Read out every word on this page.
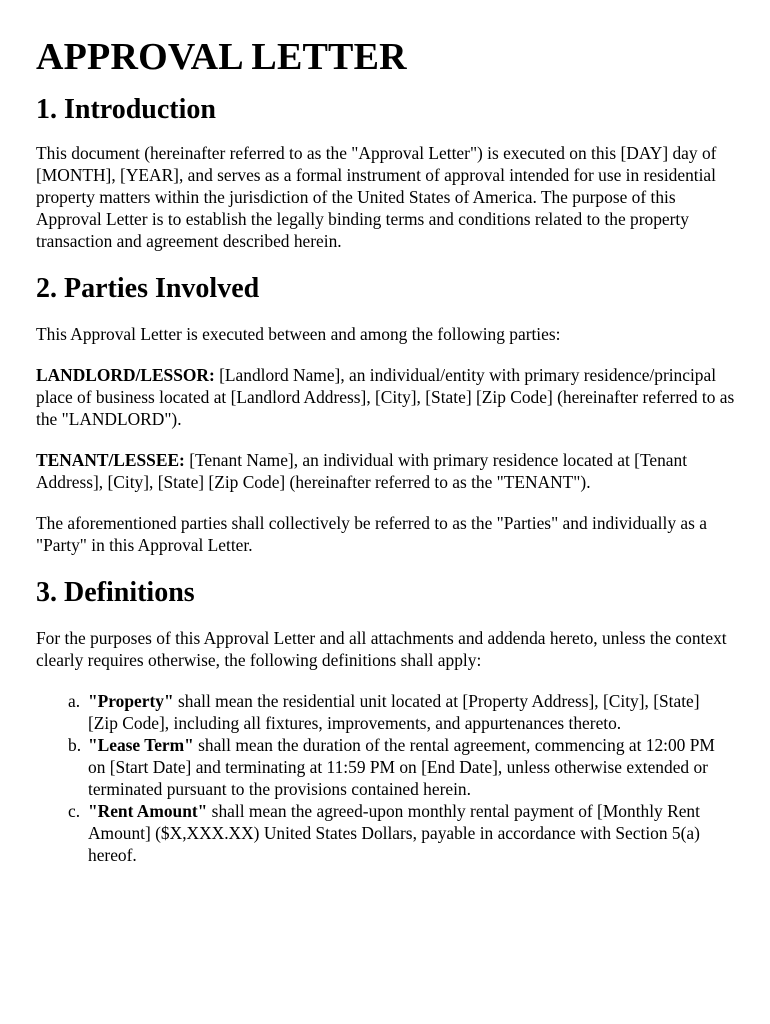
APPROVAL LETTER
1. Introduction

This document (hereinafter referred to as the "Approval Letter") is executed on this [DAY] day of [MONTH], [YEAR], and serves as a formal instrument of approval intended for use in residential property matters within the jurisdiction of the United States of America. The purpose of this Approval Letter is to establish the legally binding terms and conditions related to the property transaction and agreement described herein.

2. Parties Involved

This Approval Letter is executed between and among the following parties:

LANDLORD/LESSOR: [Landlord Name], an individual/entity with primary residence/principal place of business located at [Landlord Address], [City], [State] [Zip Code] (hereinafter referred to as the "LANDLORD").

TENANT/LESSEE: [Tenant Name], an individual with primary residence located at [Tenant Address], [City], [State] [Zip Code] (hereinafter referred to as the "TENANT").

The aforementioned parties shall collectively be referred to as the "Parties" and individually as a "Party" in this Approval Letter.

3. Definitions

For the purposes of this Approval Letter and all attachments and addenda hereto, unless the context clearly requires otherwise, the following definitions shall apply:

a. "Property" shall mean the residential unit located at [Property Address], [City], [State] [Zip Code], including all fixtures, improvements, and appurtenances thereto.
b. "Lease Term" shall mean the duration of the rental agreement, commencing at 12:00 PM on [Start Date] and terminating at 11:59 PM on [End Date], unless otherwise extended or terminated pursuant to the provisions contained herein.
c. "Rent Amount" shall mean the agreed-upon monthly rental payment of [Monthly Rent Amount] ($X,XXX.XX) United States Dollars, payable in accordance with Section 5(a) hereof.
